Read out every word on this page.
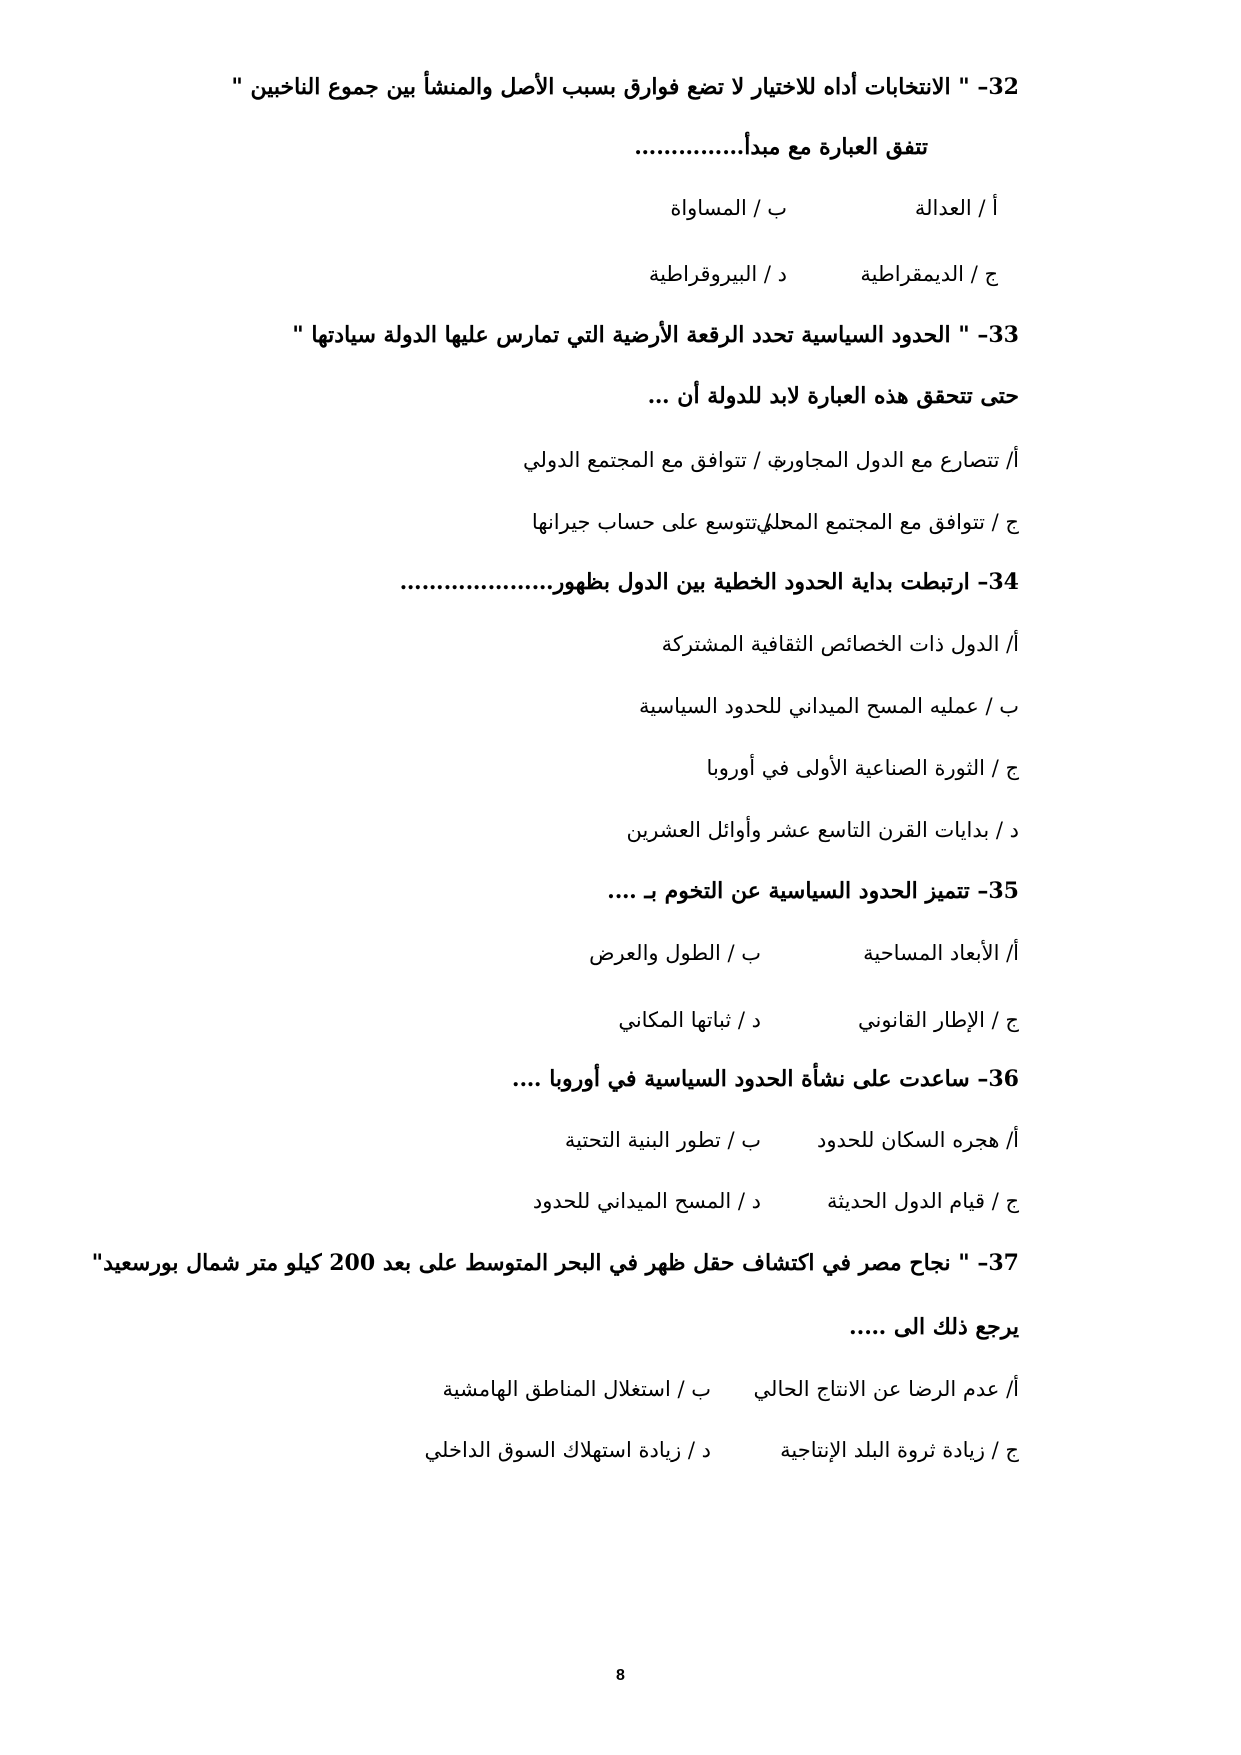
32– " الانتخابات أداه للاختيار لا تضع فوارق بسبب الأصل والمنشأ بين جموع الناخبين "
تتفق العبارة مع مبدأ……………
أ / العدالة
ب / المساواة
ج / الديمقراطية
د / البيروقراطية
33– " الحدود السياسية تحدد الرقعة الأرضية التي تمارس عليها الدولة سيادتها "
حتى تتحقق هذه العبارة لابد للدولة أن …
أ/ تتصارع مع الدول المجاورة
ب / تتوافق مع المجتمع الدولي
ج / تتوافق مع المجتمع المحلي
د / تتوسع على حساب جيرانها
34– ارتبطت بداية الحدود الخطية بين الدول بظهور…………………
أ/ الدول ذات الخصائص الثقافية المشتركة
ب / عمليه المسح الميداني للحدود السياسية
ج / الثورة الصناعية الأولى في أوروبا
د / بدايات القرن التاسع عشر وأوائل العشرين
35– تتميز الحدود السياسية عن التخوم بـ ….
أ/ الأبعاد المساحية
ب / الطول والعرض
ج / الإطار القانوني
د / ثباتها المكاني
36– ساعدت على نشأة الحدود السياسية في أوروبا ….
أ/ هجره السكان للحدود
ب / تطور البنية التحتية
ج / قيام الدول الحديثة
د / المسح الميداني للحدود
37– " نجاح مصر في اكتشاف حقل ظهر في البحر المتوسط على بعد 200 كيلو متر شمال بورسعيد"
يرجع ذلك الى …..
أ/ عدم الرضا عن الانتاج الحالي
ب / استغلال المناطق الهامشية
ج / زيادة ثروة البلد الإنتاجية
د / زيادة استهلاك السوق الداخلي
8
